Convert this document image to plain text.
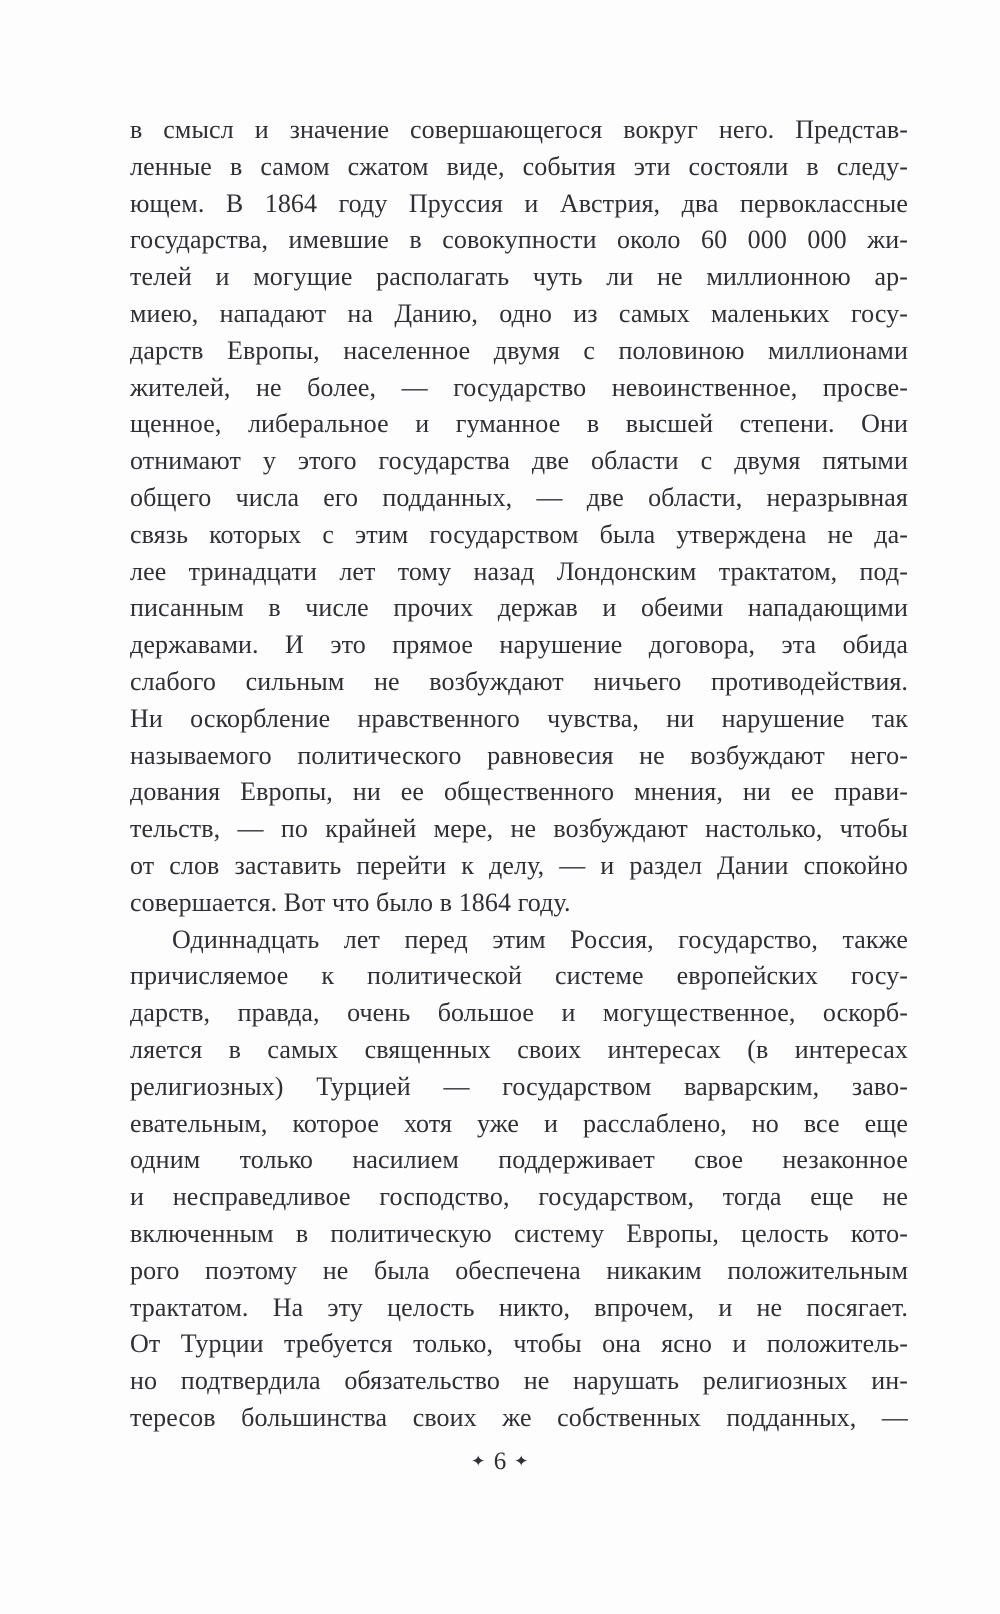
в смысл и значение совершающегося вокруг него. Представ-
ленные в самом сжатом виде, события эти состояли в следу-
ющем. В 1864 году Пруссия и Австрия, два первоклассные
государства, имевшие в совокупности около 60 000 000 жи-
телей и могущие располагать чуть ли не миллионною ар-
миею, нападают на Данию, одно из самых маленьких госу-
дарств Европы, населенное двумя с половиною миллионами
жителей, не более, — государство невоинственное, просве-
щенное, либеральное и гуманное в высшей степени. Они
отнимают у этого государства две области с двумя пятыми
общего числа его подданных, — две области, неразрывная
связь которых с этим государством была утверждена не да-
лее тринадцати лет тому назад Лондонским трактатом, под-
писанным в числе прочих держав и обеими нападающими
державами. И это прямое нарушение договора, эта обида
слабого сильным не возбуждают ничьего противодействия.
Ни оскорбление нравственного чувства, ни нарушение так
называемого политического равновесия не возбуждают него-
дования Европы, ни ее общественного мнения, ни ее прави-
тельств, — по крайней мере, не возбуждают настолько, чтобы
от слов заставить перейти к делу, — и раздел Дании спокойно
совершается. Вот что было в 1864 году.
Одиннадцать лет перед этим Россия, государство, также
причисляемое к политической системе европейских госу-
дарств, правда, очень большое и могущественное, оскорб-
ляется в самых священных своих интересах (в интересах
религиозных) Турцией — государством варварским, заво-
евательным, которое хотя уже и расслаблено, но все еще
одним только насилием поддерживает свое незаконное
и несправедливое господство, государством, тогда еще не
включенным в политическую систему Европы, целость кото-
рого поэтому не была обеспечена никаким положительным
трактатом. На эту целость никто, впрочем, и не посягает.
От Турции требуется только, чтобы она ясно и положитель-
но подтвердила обязательство не нарушать религиозных ин-
тересов большинства своих же собственных подданных, —
✦ 6 ✦
